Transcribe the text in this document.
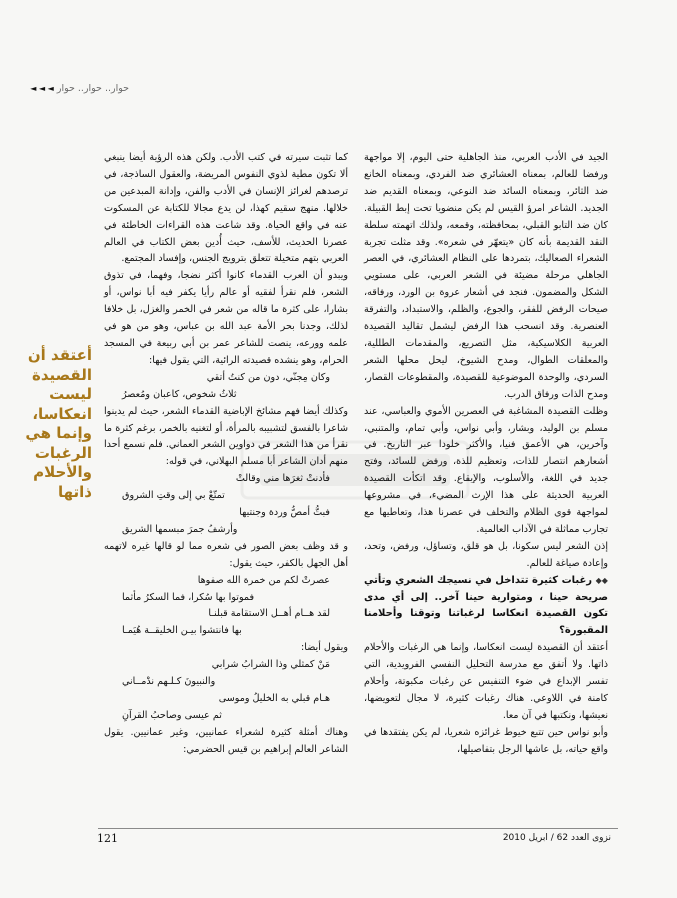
حوار.. حوار.. حوار ◄ ◄ ◄
أعتقد أن القصيدة ليست انعكاسا، وإنما هي الرغبات والأحلام ذاتها

الجيد في الأدب العربي، منذ الجاهلية حتى اليوم، إلا مواجهة ورفضا للعالم، بمعناه العشائري ضد الفردي، وبمعناه الخانع ضد الثائر، وبمعناه السائد ضد النوعي، وبمعناه القديم ضد الجديد. الشاعر امرؤ القيس لم يكن منضويا تحت إبط القبيلة. كان ضد التابو القبلي، بمحافظته، وقمعه، ولذلك اتهمته سلطة النقد القديمة بأنه كان «يتعهّر في شعره». وقد مثلت تجربة الشعراء الصعاليك، بتمردها على النظام العشائري، في العصر الجاهلي مرحلة مضيئة في الشعر العربي، على مستويي الشكل والمضمون. فنجد في أشعار عروة بن الورد، ورفاقه، صيحات الرفض للفقر، والجوع، والظلم، والاستبداد، والتفرقة العنصرية. وقد انسحب هذا الرفض ليشمل تقاليد القصيدة العربية الكلاسيكية، مثل التصريع، والمقدمات الطللية، والمعلقات الطوال، ومدح الشيوخ، ليحل محلها الشعر السردي، والوحدة الموضوعية للقصيدة، والمقطوعات القصار، ومدح الذات ورفاق الدرب.

وظلت القصيدة المشاغبة في العصرين الأموي والعباسي، عند مسلم بن الوليد، وبشار، وأبي نواس، وأبي تمام، والمتنبي، وآخرين، هي الأعمق فنيا، والأكثر خلودا عبر التاريخ. في أشعارهم انتصار للذات، وتعظيم للذة، ورفض للسائد، وفتح جديد في اللغة، والأسلوب، والإيقاع. وقد اتكأت القصيدة العربية الحديثة على هذا الإرث المضيء، في مشروعها لمواجهة قوى الظلام والتخلف في عصرنا هذا، وتعاطيها مع تجارب مماثلة في الآداب العالمية.

إذن الشعر ليس سكونا، بل هو قلق، وتساؤل، ورفض، وتحد، وإعادة صياغة للعالم.

◆◆ رغبات كثيرة تتداخل في نسيجك الشعري وتأتي صريحة حينا ، ومتوارية حينا آخر.. إلى أي مدى تكون القصيدة انعكاسا لرغباتنا وتوقنا وأحلامنا المقبورة؟

أعتقد أن القصيدة ليست انعكاسا، وإنما هي الرغبات والأحلام ذاتها. ولا أتفق مع مدرسة التحليل النفسي الفرويدية، التي تفسر الإبداع في ضوء التنفيس عن رغبات مكبوتة، وأحلام كامنة في اللاوعي. هناك رغبات كثيرة، لا مجال لتعويضها، نعيشها، ونكتبها في آن معا.

وأبو نواس حين تتبع خيوط غرائزه شعريا، لم يكن يفتقدها في واقع حياته، بل عاشها الرجل بتفاصيلها،

كما تثبت سيرته في كتب الأدب. ولكن هذه الرؤية أيضا ينبغي ألا تكون مطية لذوي النفوس المريضة، والعقول الساذجة، في ترصدهم لغرائز الإنسان في الأدب والفن، وإدانة المبدعين من خلالها. منهج سقيم كهذا، لن يدع مجالا للكتابة عن المسكوت عنه في واقع الحياة. وقد شاعت هذه القراءات الخاطئة في عصرنا الحديث، للأسف، حيث أُدين بعض الكتاب في العالم العربي بتهم متخيلة تتعلق بترويج الجنس، وإفساد المجتمع.

ويبدو أن العرب القدماء كانوا أكثر نضجا، وفهما، في تذوق الشعر، فلم نقرأ لفقيه أو عالم رأيا يكفر فيه أبا نواس، أو بشارا، على كثرة ما قاله من شعر في الخمر والغزل، بل خلافا لذلك، وجدنا بحر الأمة عبد الله بن عباس، وهو من هو في علمه وورعه، ينصت للشاعر عمر بن أبي ربيعة في المسجد الحرام، وهو ينشده قصيدته الرائية، التي يقول فيها:

وكان مِجنّي، دون من كنتُ أتقي

ثلاثُ شخوص، كاعبان ومُعصرُ

وكذلك أيضا فهم مشائخ الإباضية القدماء الشعر، حيث لم يدينوا شاعرا بالفسق لتشبيبه بالمرأة، أو لتغنيه بالخمر، برغم كثرة ما نقرأ من هذا الشعر في دواوين الشعر العماني. فلم نسمع أحدا منهم أدان الشاعر أبا مسلم البهلاني، في قوله:

فأدنتْ ثغرَها مني وقالتْ

تمتّعْ بي إلى وقتِ الشروق

فبتُّ أمصُّ وردة وجنتيها

وأرشفُ جمرَ مبسمها الشريق

و قد وظف بعض الصور في شعره مما لو قالها غيره لاتهمه أهل الجهل بالكفر، حيث يقول:

عصرتْ لكم من خمرة الله صفوها

فموتوا بها سُكرا، فما السكرُ مأثما

لقد هــام أهــل الاستقامة قبلنـا

بها فانتشوا بيـن الخليقــة هُيَمـا

ويقول أيضا:

مَنْ كمثلي وذا الشرابُ شرابي

والنبيونَ كـلـهم ندْمــاني

هـام قبلي به الخليلُ وموسى

ثم عيسى وصاحبُ القرآنِ

وهناك أمثلة كثيرة لشعراء عمانيين، وغير عمانيين. يقول الشاعر العالم إبراهيم بن قيس الحضرمي:

121	نزوى العدد 62 / ابريل 2010
